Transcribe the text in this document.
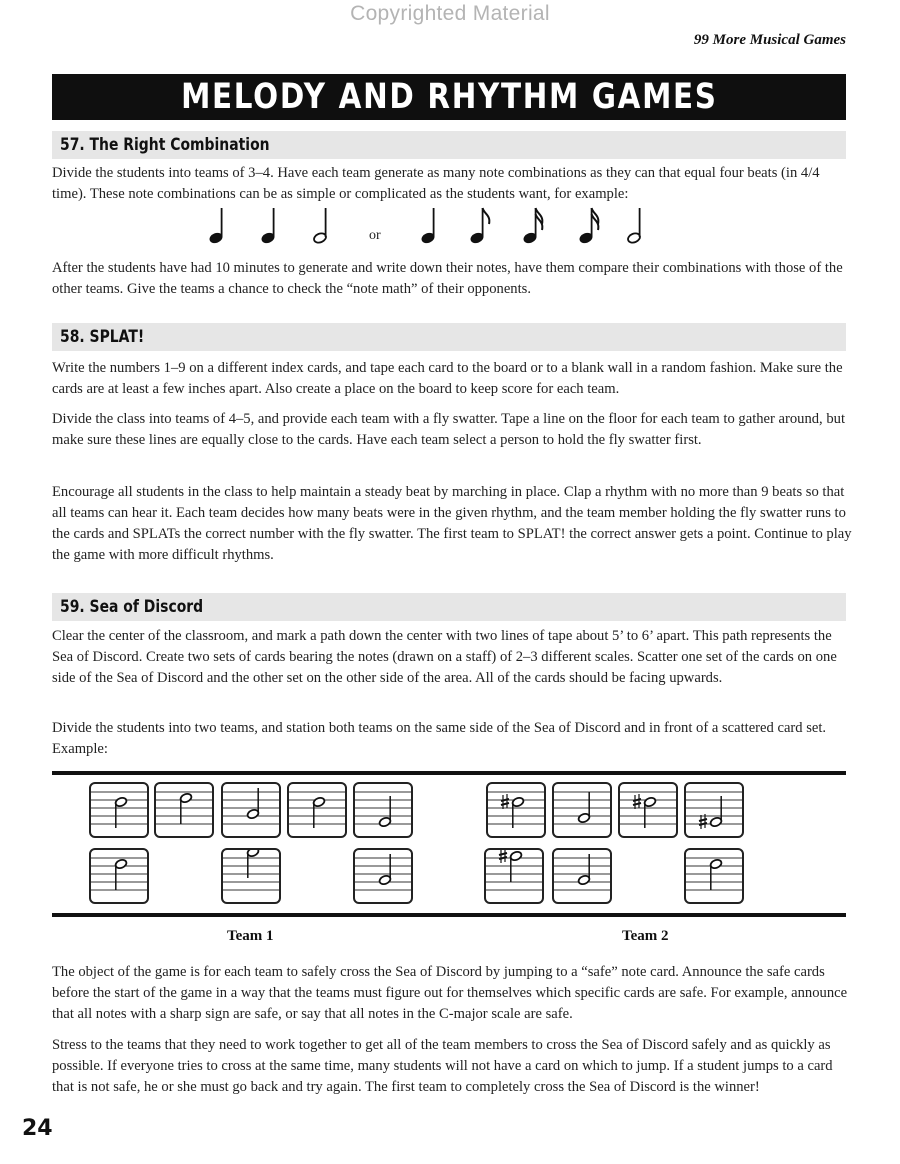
Copyrighted Material
99 More Musical Games
MELODY AND RHYTHM GAMES
57. The Right Combination

Divide the students into teams of 3–4. Have each team generate as many note combinations as they can that equal four beats (in 4/4 time). These note combinations can be as simple or complicated as the students want, for example:

or

After the students have had 10 minutes to generate and write down their notes, have them compare their combinations with those of the other teams. Give the teams a chance to check the “note math” of their opponents.

58. SPLAT!

Write the numbers 1–9 on a different index cards, and tape each card to the board or to a blank wall in a random fashion. Make sure the cards are at least a few inches apart. Also create a place on the board to keep score for each team.

Divide the class into teams of 4–5, and provide each team with a fly swatter. Tape a line on the floor for each team to gather around, but make sure these lines are equally close to the cards. Have each team select a person to hold the fly swatter first.

Encourage all students in the class to help maintain a steady beat by marching in place. Clap a rhythm with no more than 9 beats so that all teams can hear it. Each team decides how many beats were in the given rhythm, and the team member holding the fly swatter runs to the cards and SPLATs the correct number with the fly swatter. The first team to SPLAT! the correct answer gets a point. Continue to play the game with more difficult rhythms.

59. Sea of Discord

Clear the center of the classroom, and mark a path down the center with two lines of tape about 5’ to 6’ apart. This path represents the Sea of Discord. Create two sets of cards bearing the notes (drawn on a staff) of 2–3 different scales. Scatter one set of the cards on one side of the Sea of Discord and the other set on the other side of the area. All of the cards should be facing upwards.

Divide the students into two teams, and station both teams on the same side of the Sea of Discord and in front of a scattered card set. Example:

Team 1	Team 2

The object of the game is for each team to safely cross the Sea of Discord by jumping to a “safe” note card. Announce the safe cards before the start of the game in a way that the teams must figure out for themselves which specific cards are safe. For example, announce that all notes with a sharp sign are safe, or say that all notes in the C-major scale are safe.

Stress to the teams that they need to work together to get all of the team members to cross the Sea of Discord safely and as quickly as possible. If everyone tries to cross at the same time, many students will not have a card on which to jump. If a student jumps to a card that is not safe, he or she must go back and try again. The first team to completely cross the Sea of Discord is the winner!

24
